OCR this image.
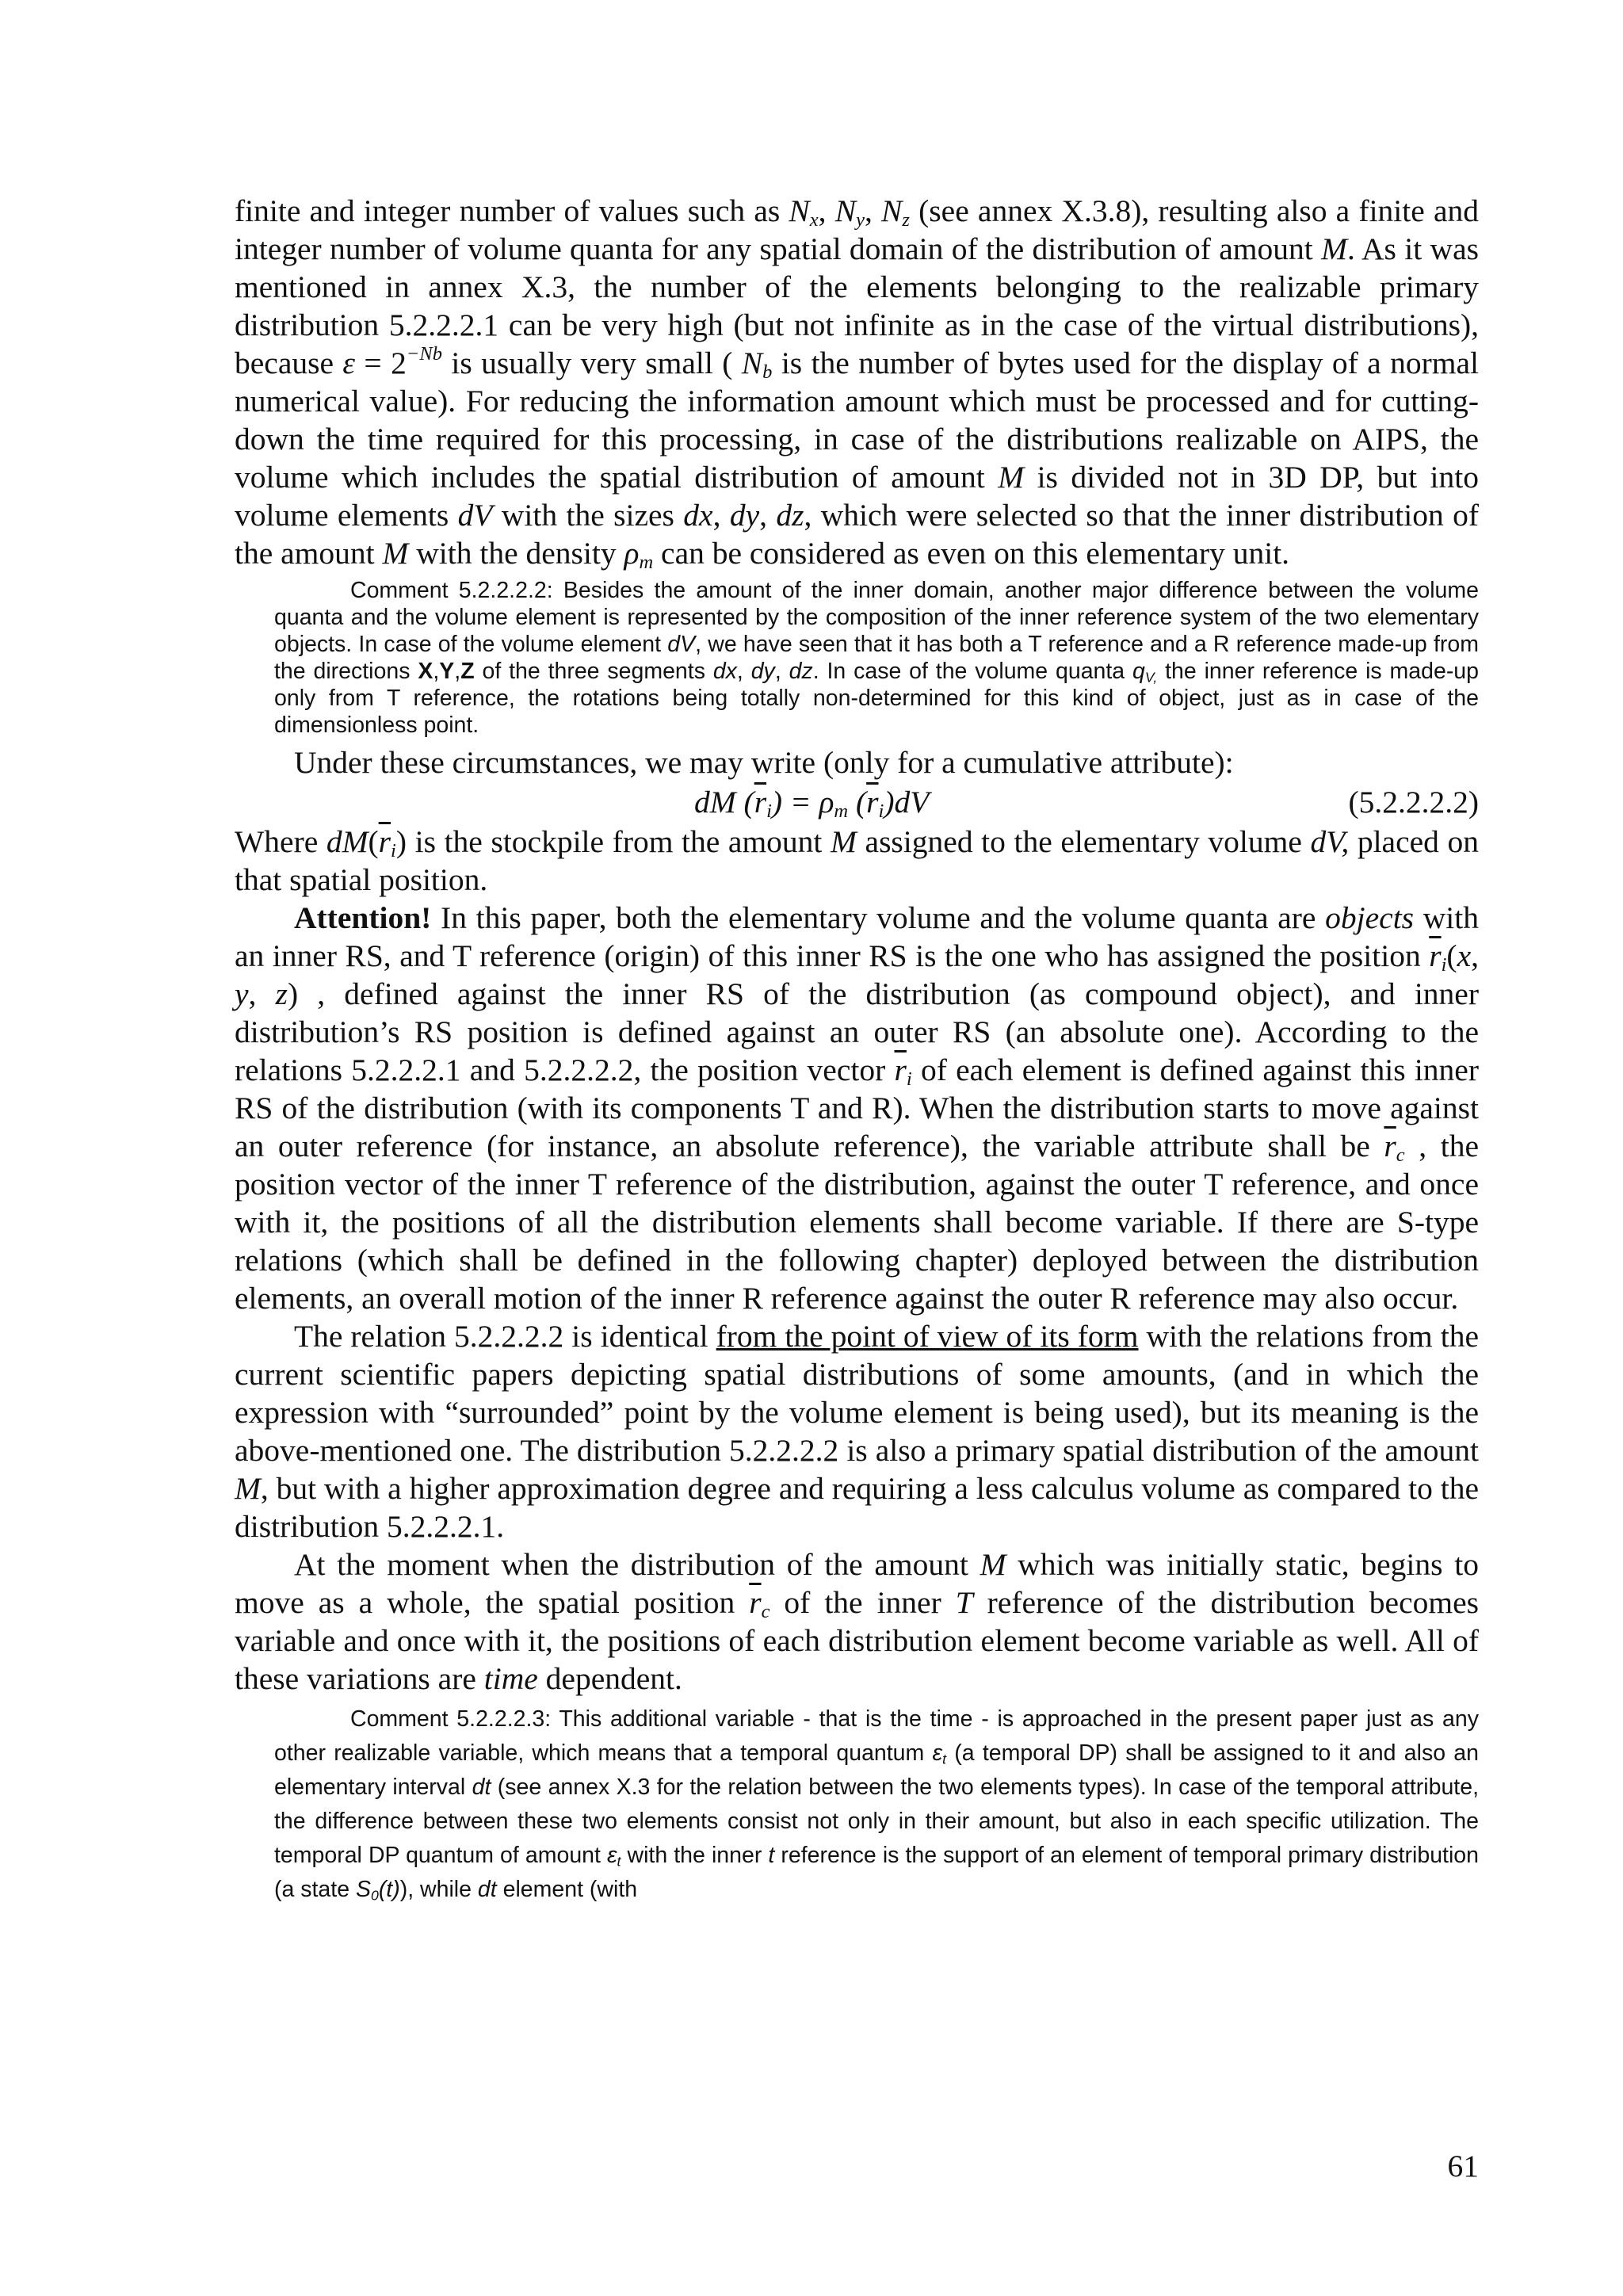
finite and integer number of values such as $N_x$, $N_y$, $N_z$ (see annex X.3.8), resulting also a finite and integer number of volume quanta for any spatial domain of the distribution of amount M. As it was mentioned in annex X.3, the number of the elements belonging to the realizable primary distribution 5.2.2.2.1 can be very high (but not infinite as in the case of the virtual distributions), because $\varepsilon = 2^{-Nb}$ is usually very small ( $N_b$ is the number of bytes used for the display of a normal numerical value). For reducing the information amount which must be processed and for cutting-down the time required for this processing, in case of the distributions realizable on AIPS, the volume which includes the spatial distribution of amount M is divided not in 3D DP, but into volume elements dV with the sizes dx, dy, dz, which were selected so that the inner distribution of the amount M with the density $\rho_m$ can be considered as even on this elementary unit.

Comment 5.2.2.2.2: Besides the amount of the inner domain, another major difference between the volume quanta and the volume element is represented by the composition of the inner reference system of the two elementary objects. In case of the volume element dV, we have seen that it has both a T reference and a R reference made-up from the directions X,Y,Z of the three segments dx, dy, dz. In case of the volume quanta $q_{V,}$ the inner reference is made-up only from T reference, the rotations being totally non-determined for this kind of object, just as in case of the dimensionless point.

Under these circumstances, we may write (only for a cumulative attribute):

dM $(\overline{r}_i) = \rho_m$ $(\overline{r}_i)dV$	(5.2.2.2.2)

Where $dM(\overline{r}_i)$ is the stockpile from the amount M assigned to the elementary volume dV, placed on that spatial position.

Attention! In this paper, both the elementary volume and the volume quanta are objects with an inner RS, and T reference (origin) of this inner RS is the one who has assigned the position $\overline{r}_i(x$, y, z) , defined against the inner RS of the distribution (as compound object), and inner distribution’s RS position is defined against an outer RS (an absolute one). According to the relations 5.2.2.2.1 and 5.2.2.2.2, the position vector $\overline{r}_i$ of each element is defined against this inner RS of the distribution (with its components T and R). When the distribution starts to move against an outer reference (for instance, an absolute reference), the variable attribute shall be $\overline{r}_c$ , the position vector of the inner T reference of the distribution, against the outer T reference, and once with it, the positions of all the distribution elements shall become variable. If there are S-type relations (which shall be defined in the following chapter) deployed between the distribution elements, an overall motion of the inner R reference against the outer R reference may also occur.

The relation 5.2.2.2.2 is identical from the point of view of its form with the relations from the current scientific papers depicting spatial distributions of some amounts, (and in which the expression with “surrounded” point by the volume element is being used), but its meaning is the above-mentioned one. The distribution 5.2.2.2.2 is also a primary spatial distribution of the amount M, but with a higher approximation degree and requiring a less calculus volume as compared to the distribution 5.2.2.2.1.

At the moment when the distribution of the amount M which was initially static, begins to move as a whole, the spatial position $\overline{r}_c$ of the inner T reference of the distribution becomes variable and once with it, the positions of each distribution element become variable as well. All of these variations are time dependent.

Comment 5.2.2.2.3: This additional variable - that is the time - is approached in the present paper just as any other realizable variable, which means that a temporal quantum $\varepsilon_t$ (a temporal DP) shall be assigned to it and also an elementary interval dt (see annex X.3 for the relation between the two elements types). In case of the temporal attribute, the difference between these two elements consist not only in their amount, but also in each specific utilization. The temporal DP quantum of amount $\varepsilon_t$ with the inner t reference is the support of an element of temporal primary distribution (a state $S_0(t)$), while dt element (with

61
